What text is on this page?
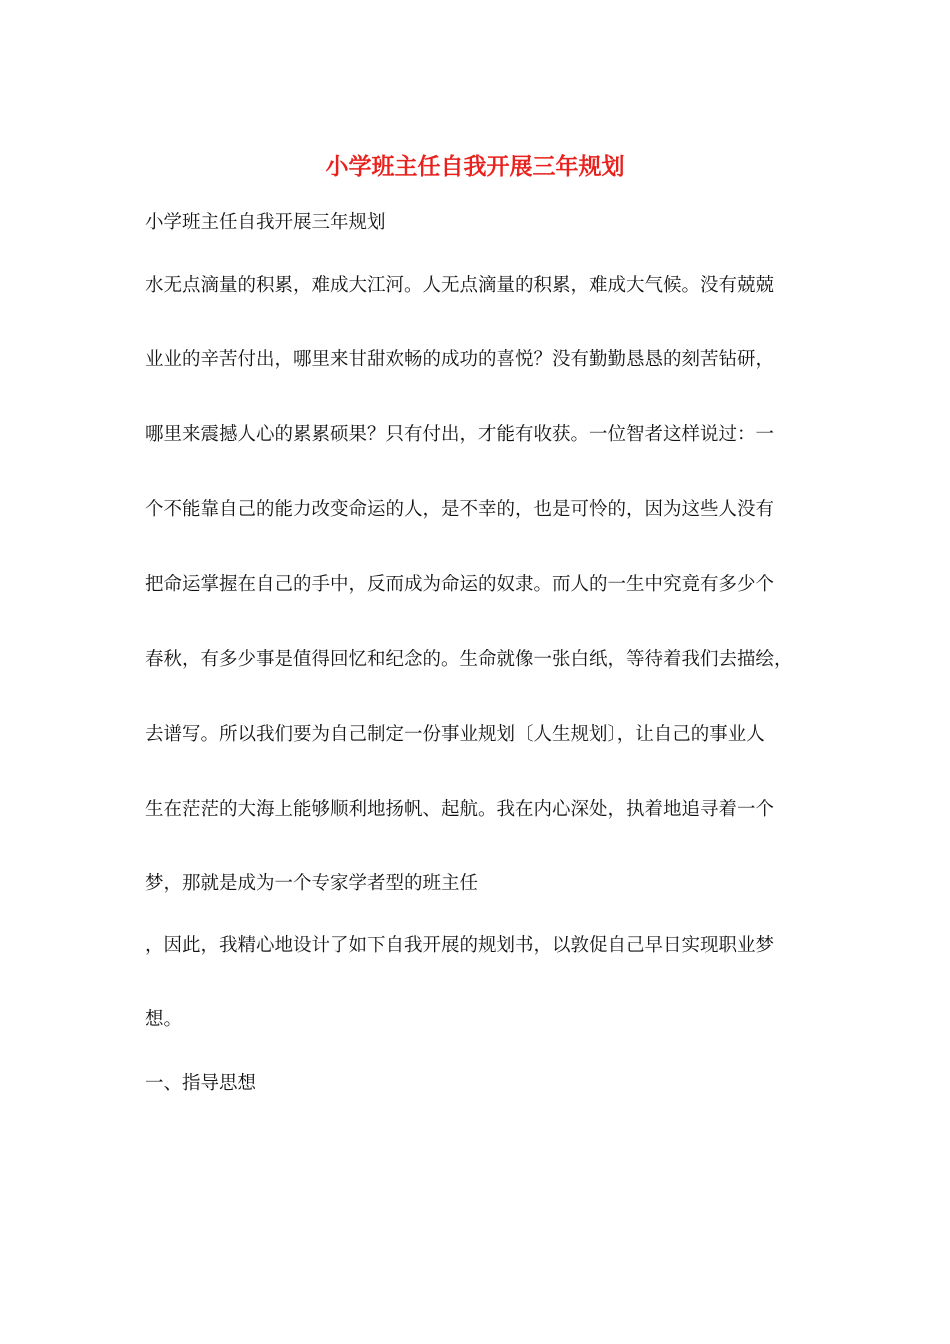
小学班主任自我开展三年规划

小学班主任自我开展三年规划

水无点滴量的积累，难成大江河。人无点滴量的积累，难成大气候。没有兢兢

业业的辛苦付出，哪里来甘甜欢畅的成功的喜悦？没有勤勤恳恳的刻苦钻研，

哪里来震撼人心的累累硕果？只有付出，才能有收获。一位智者这样说过：一

个不能靠自己的能力改变命运的人，是不幸的，也是可怜的，因为这些人没有

把命运掌握在自己的手中，反而成为命运的奴隶。而人的一生中究竟有多少个

春秋，有多少事是值得回忆和纪念的。生命就像一张白纸，等待着我们去描绘，

去谱写。所以我们要为自己制定一份事业规划〔人生规划〕，让自己的事业人

生在茫茫的大海上能够顺利地扬帆、起航。我在内心深处，执着地追寻着一个

梦，那就是成为一个专家学者型的班主任

，因此，我精心地设计了如下自我开展的规划书，以敦促自己早日实现职业梦

想。

一、指导思想
